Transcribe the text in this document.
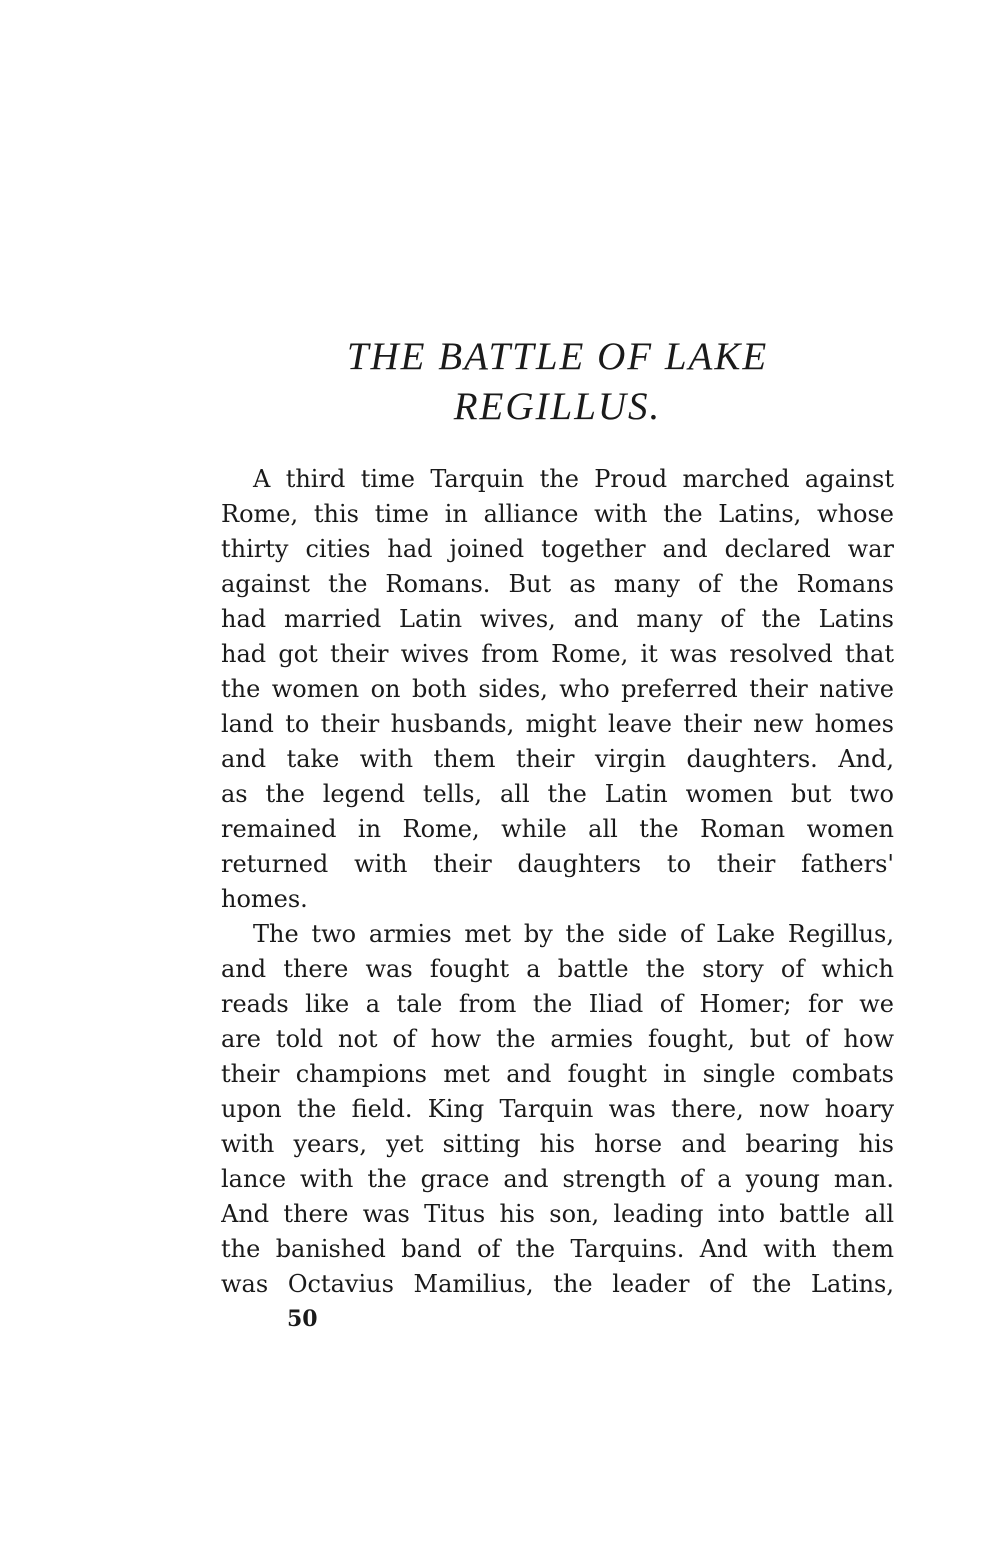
THE BATTLE OF LAKE
REGILLUS.
A third time Tarquin the Proud marched against
Rome, this time in alliance with the Latins, whose
thirty cities had joined together and declared war
against the Romans. But as many of the Romans
had married Latin wives, and many of the Latins
had got their wives from Rome, it was resolved that
the women on both sides, who preferred their native
land to their husbands, might leave their new homes
and take with them their virgin daughters. And,
as the legend tells, all the Latin women but two
remained in Rome, while all the Roman women
returned with their daughters to their fathers'
homes.
The two armies met by the side of Lake Regillus,
and there was fought a battle the story of which
reads like a tale from the Iliad of Homer; for we
are told not of how the armies fought, but of how
their champions met and fought in single combats
upon the field. King Tarquin was there, now hoary
with years, yet sitting his horse and bearing his
lance with the grace and strength of a young man.
And there was Titus his son, leading into battle all
the banished band of the Tarquins. And with them
was Octavius Mamilius, the leader of the Latins,
50
